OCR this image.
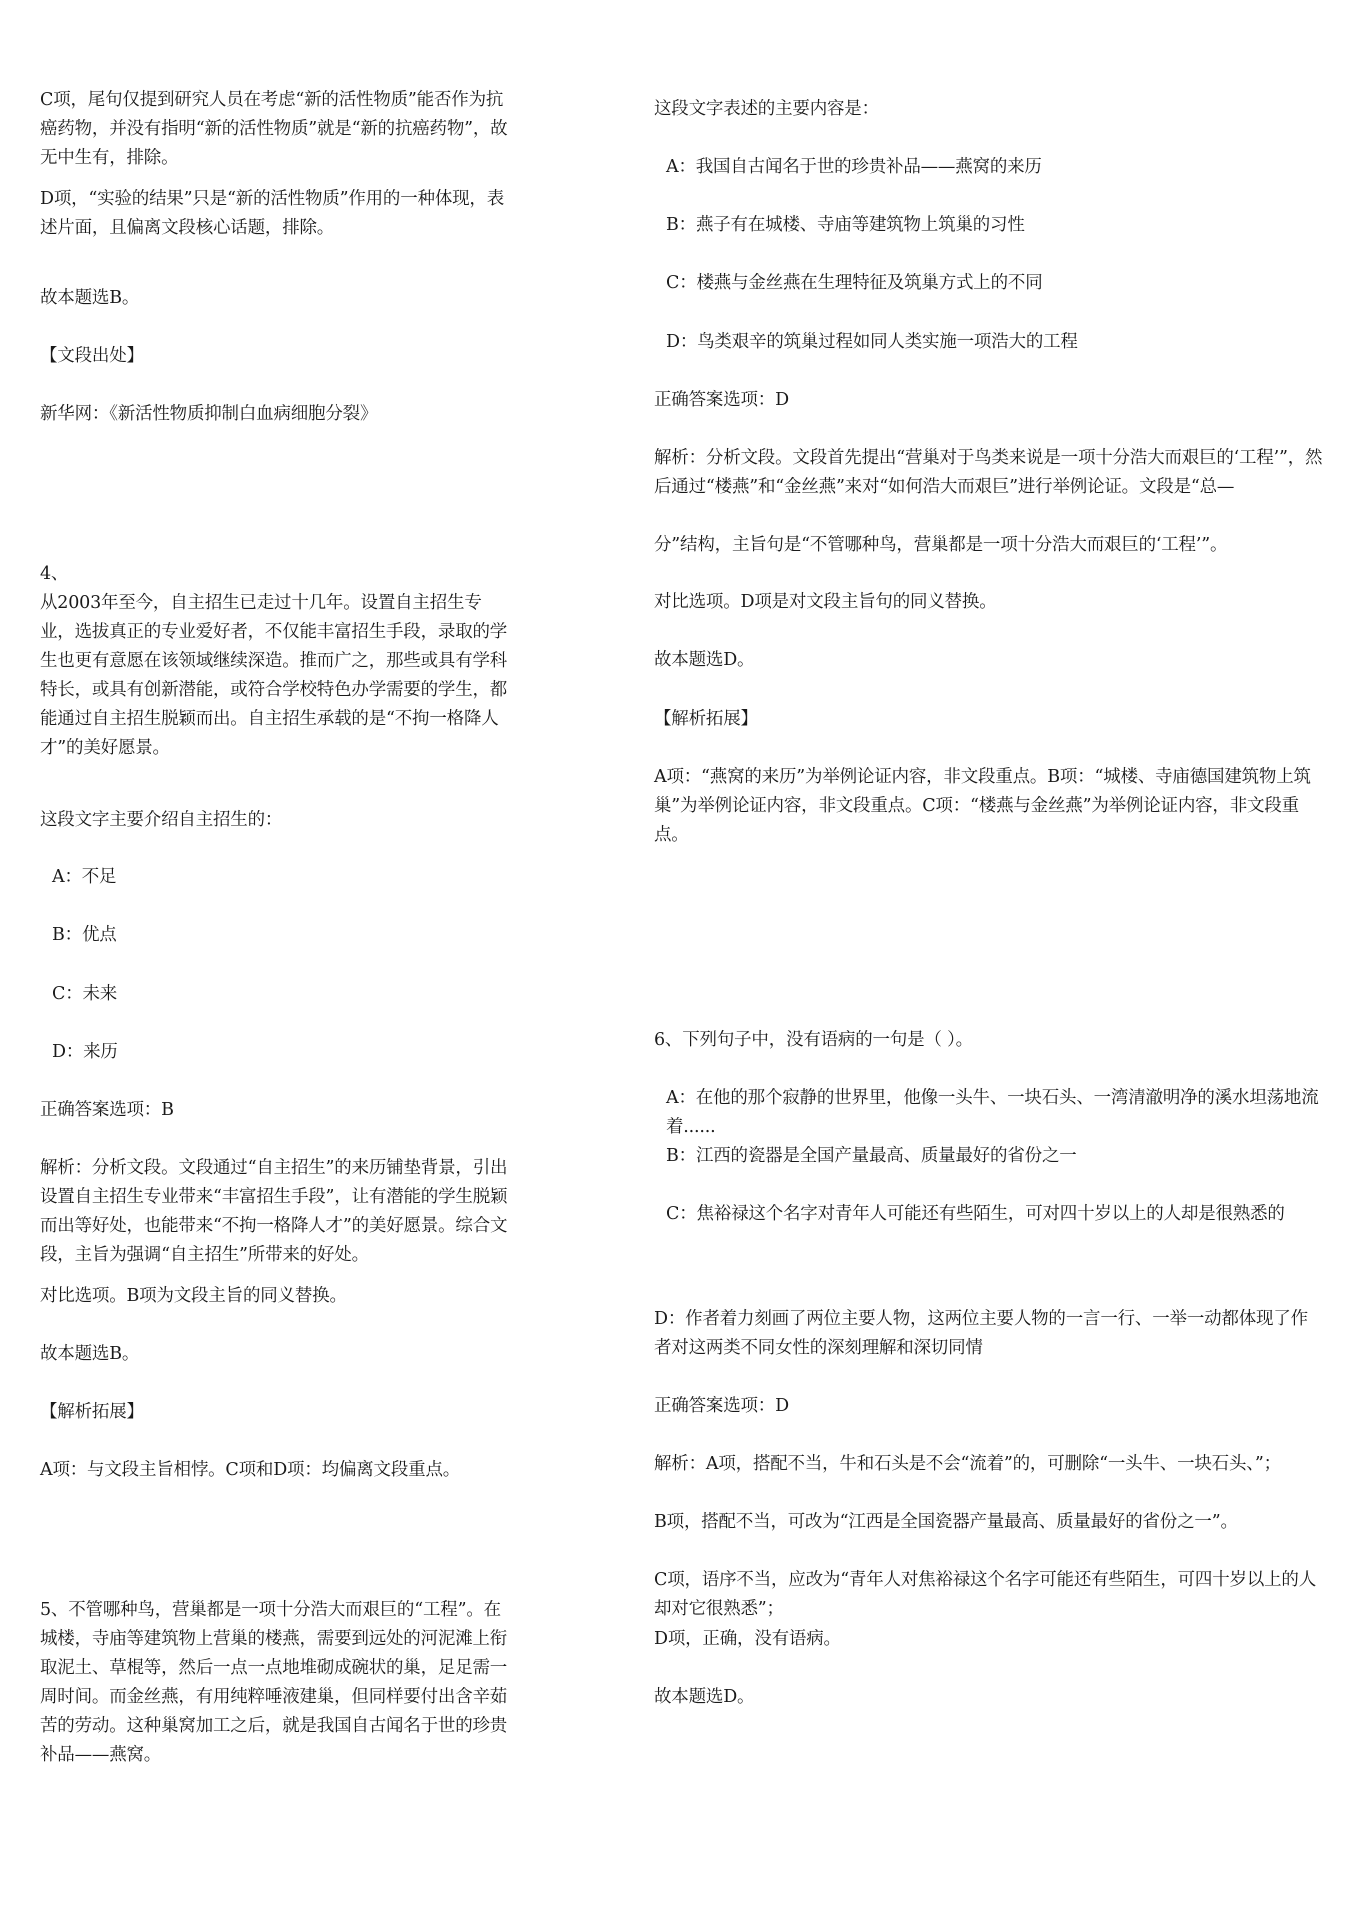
C项，尾句仅提到研究人员在考虑“新的活性物质”能否作为抗癌药物，并没有指明“新的活性物质”就是“新的抗癌药物”，故无中生有，排除。

D项，“实验的结果”只是“新的活性物质”作用的一种体现，表述片面，且偏离文段核心话题，排除。

故本题选B。

【文段出处】

新华网：《新活性物质抑制白血病细胞分裂》

4、

从2003年至今，自主招生已走过十几年。设置自主招生专业，选拔真正的专业爱好者，不仅能丰富招生手段，录取的学生也更有意愿在该领域继续深造。推而广之，那些或具有学科特长，或具有创新潜能，或符合学校特色办学需要的学生，都能通过自主招生脱颖而出。自主招生承载的是“不拘一格降人才”的美好愿景。

这段文字主要介绍自主招生的：

A：不足

B：优点

C：未来

D：来历

正确答案选项：B

解析：分析文段。文段通过“自主招生”的来历铺垫背景，引出设置自主招生专业带来“丰富招生手段”，让有潜能的学生脱颖而出等好处，也能带来“不拘一格降人才”的美好愿景。综合文段，主旨为强调“自主招生”所带来的好处。

对比选项。B项为文段主旨的同义替换。

故本题选B。

【解析拓展】

A项：与文段主旨相悖。C项和D项：均偏离文段重点。

5、不管哪种鸟，营巢都是一项十分浩大而艰巨的“工程”。在城楼，寺庙等建筑物上营巢的楼燕，需要到远处的河泥滩上衔取泥土、草棍等，然后一点一点地堆砌成碗状的巢，足足需一周时间。而金丝燕，有用纯粹唾液建巢，但同样要付出含辛茹苦的劳动。这种巢窝加工之后，就是我国自古闻名于世的珍贵补品——燕窝。

这段文字表述的主要内容是：

A：我国自古闻名于世的珍贵补品——燕窝的来历

B：燕子有在城楼、寺庙等建筑物上筑巢的习性

C：楼燕与金丝燕在生理特征及筑巢方式上的不同

D：鸟类艰辛的筑巢过程如同人类实施一项浩大的工程

正确答案选项：D

解析：分析文段。文段首先提出“营巢对于鸟类来说是一项十分浩大而艰巨的‘工程’”，然后通过“楼燕”和“金丝燕”来对“如何浩大而艰巨”进行举例论证。文段是“总—

分”结构，主旨句是“不管哪种鸟，营巢都是一项十分浩大而艰巨的‘工程’”。

对比选项。D项是对文段主旨句的同义替换。

故本题选D。

【解析拓展】

A项：“燕窝的来历”为举例论证内容，非文段重点。B项：“城楼、寺庙德国建筑物上筑巢”为举例论证内容，非文段重点。C项：“楼燕与金丝燕”为举例论证内容，非文段重点。

6、下列句子中，没有语病的一句是（ ）。

A：在他的那个寂静的世界里，他像一头牛、一块石头、一湾清澈明净的溪水坦荡地流着......

B：江西的瓷器是全国产量最高、质量最好的省份之一

C：焦裕禄这个名字对青年人可能还有些陌生，可对四十岁以上的人却是很熟悉的

D：作者着力刻画了两位主要人物，这两位主要人物的一言一行、一举一动都体现了作者对这两类不同女性的深刻理解和深切同情

正确答案选项：D

解析：A项，搭配不当，牛和石头是不会“流着”的，可删除“一头牛、一块石头、”；

B项，搭配不当，可改为“江西是全国瓷器产量最高、质量最好的省份之一”。

C项，语序不当，应改为“青年人对焦裕禄这个名字可能还有些陌生，可四十岁以上的人却对它很熟悉”；

D项，正确，没有语病。

故本题选D。
